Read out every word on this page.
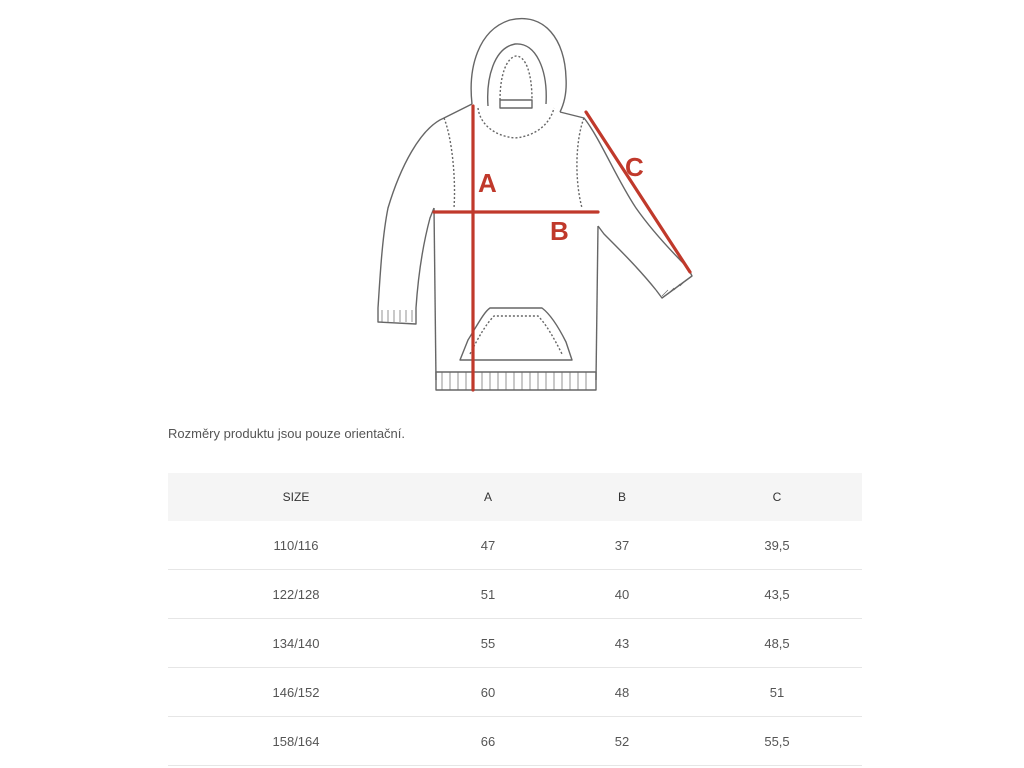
A
B
C
Rozměry produktu jsou pouze orientační.
SIZE	A	B	C
110/116	47	37	39,5
122/128	51	40	43,5
134/140	55	43	48,5
146/152	60	48	51
158/164	66	52	55,5
